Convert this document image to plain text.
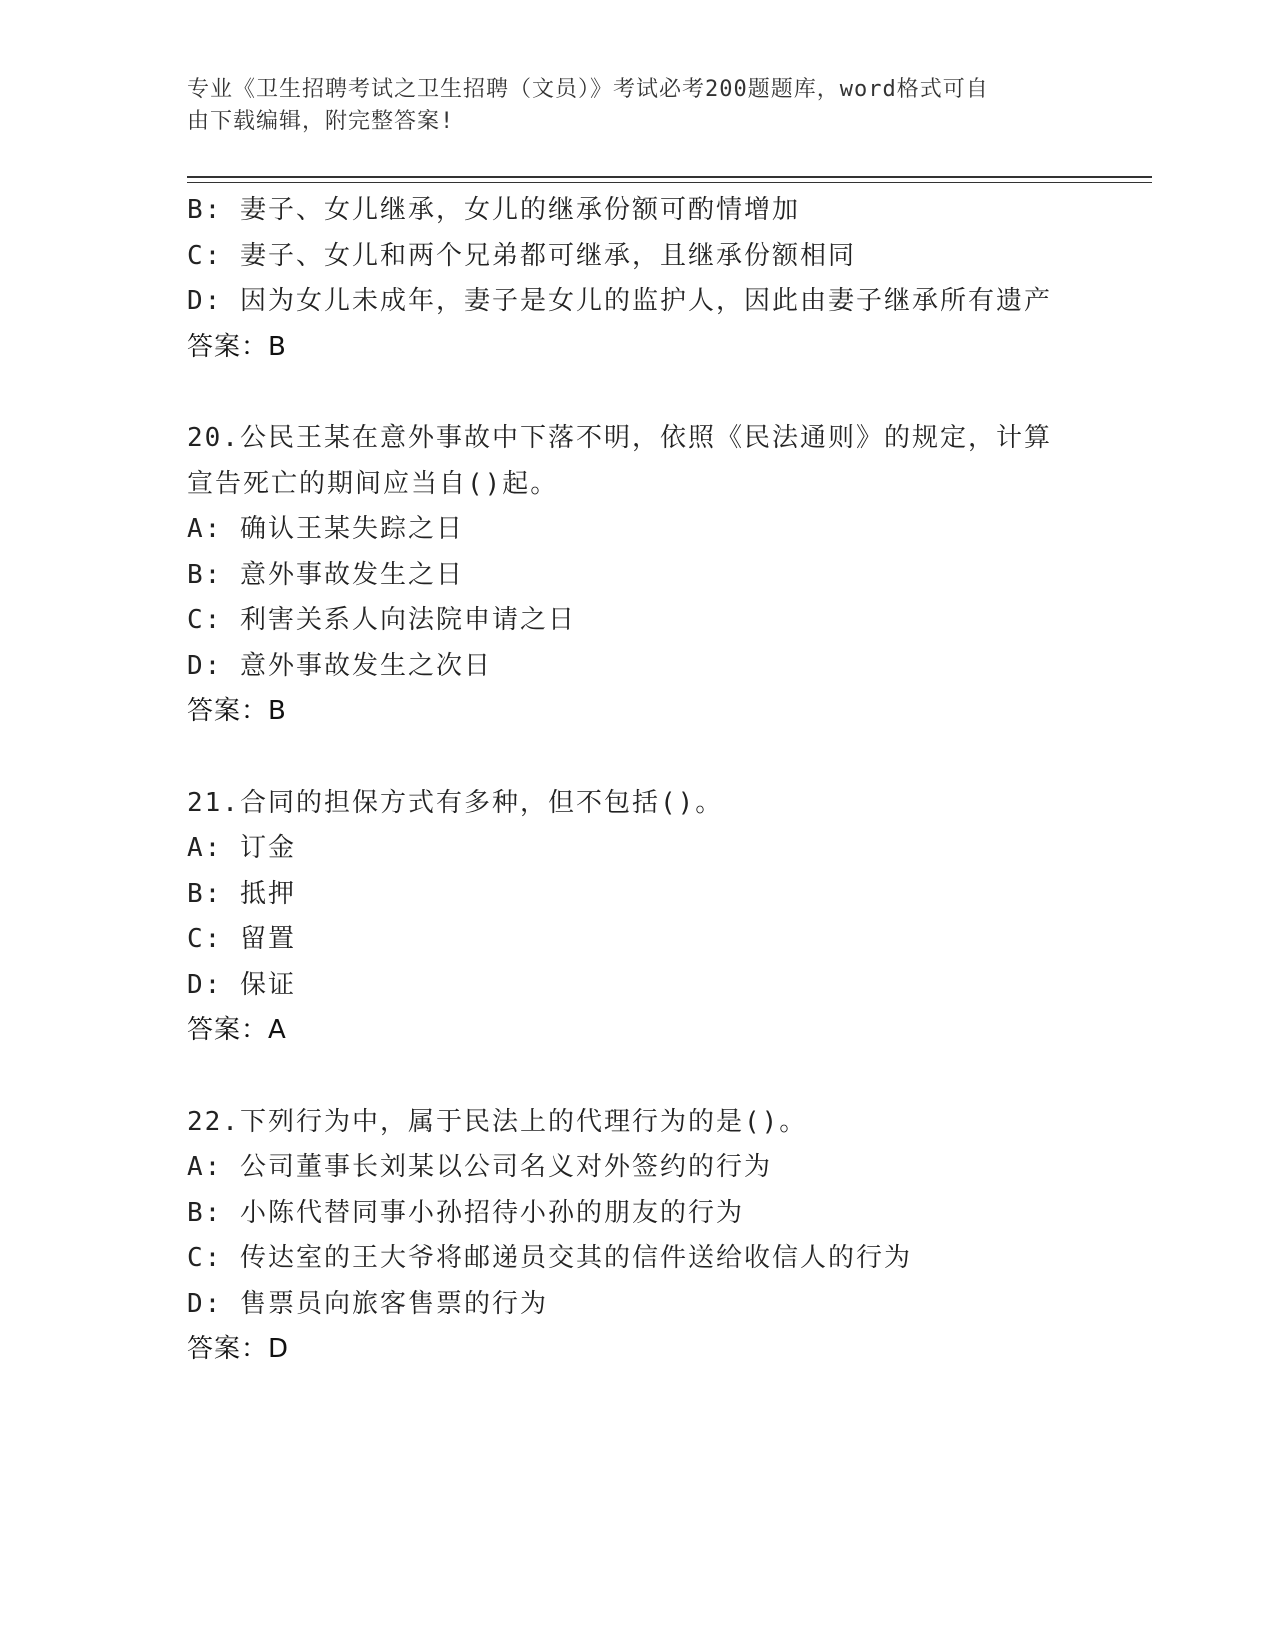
专业《卫生招聘考试之卫生招聘（文员）》考试必考200题题库，word格式可自
由下载编辑，附完整答案!
B: 妻子、女儿继承，女儿的继承份额可酌情增加
C: 妻子、女儿和两个兄弟都可继承，且继承份额相同
D: 因为女儿未成年，妻子是女儿的监护人，因此由妻子继承所有遗产
答案：B
20.公民王某在意外事故中下落不明，依照《民法通则》的规定，计算
宣告死亡的期间应当自()起。
A: 确认王某失踪之日
B: 意外事故发生之日
C: 利害关系人向法院申请之日
D: 意外事故发生之次日
答案：B
21.合同的担保方式有多种，但不包括()。
A: 订金
B: 抵押
C: 留置
D: 保证
答案：A
22.下列行为中，属于民法上的代理行为的是()。
A: 公司董事长刘某以公司名义对外签约的行为
B: 小陈代替同事小孙招待小孙的朋友的行为
C: 传达室的王大爷将邮递员交其的信件送给收信人的行为
D: 售票员向旅客售票的行为
答案：D
